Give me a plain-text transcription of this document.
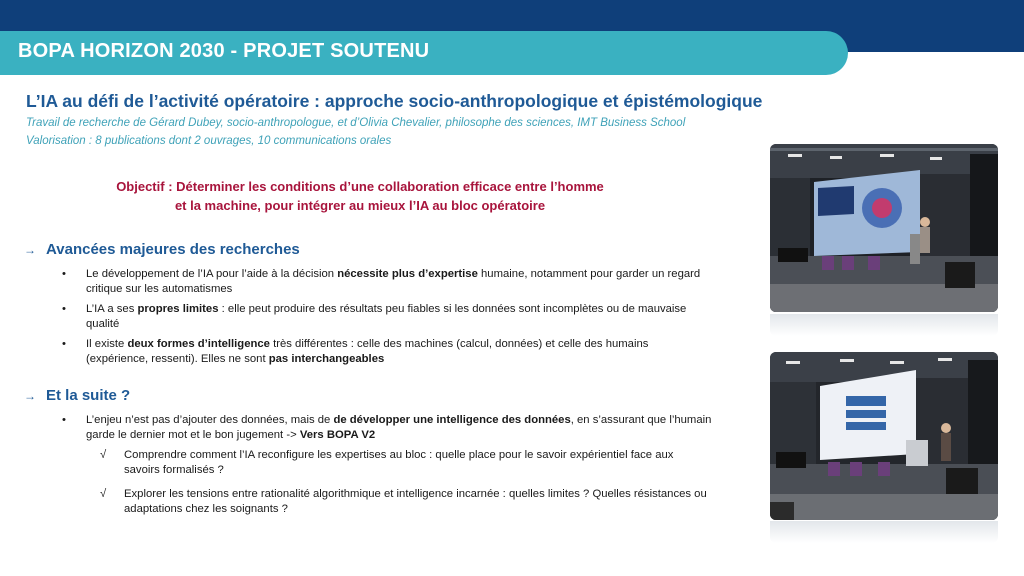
BOPA HORIZON 2030 - PROJET SOUTENU
L’IA au défi de l’activité opératoire : approche socio-anthropologique et épistémologique
Travail de recherche de Gérard Dubey, socio-anthropologue, et d’Olivia Chevalier, philosophe des sciences, IMT Business School
Valorisation : 8 publications dont 2 ouvrages, 10 communications orales
Objectif : Déterminer les conditions d’une collaboration efficace entre l’homme
et la machine, pour intégrer au mieux l’IA au bloc opératoire
→ Avancées majeures des recherches
• Le développement de l’IA pour l’aide à la décision nécessite plus d’expertise humaine, notamment pour garder un regard critique sur les automatismes
• L’IA a ses propres limites : elle peut produire des résultats peu fiables si les données sont incomplètes ou de mauvaise qualité
• Il existe deux formes d’intelligence très différentes : celle des machines (calcul, données) et celle des humains (expérience, ressenti). Elles ne sont pas interchangeables
→ Et la suite ?
• L’enjeu n’est pas d’ajouter des données, mais de de développer une intelligence des données, en s’assurant que l’humain garde le dernier mot et le bon jugement -> Vers BOPA V2
√ Comprendre comment l’IA reconfigure les expertises au bloc : quelle place pour le savoir expérientiel face aux savoirs formalisés ?
√ Explorer les tensions entre rationalité algorithmique et intelligence incarnée : quelles limites ? Quelles résistances ou adaptations chez les soignants ?
